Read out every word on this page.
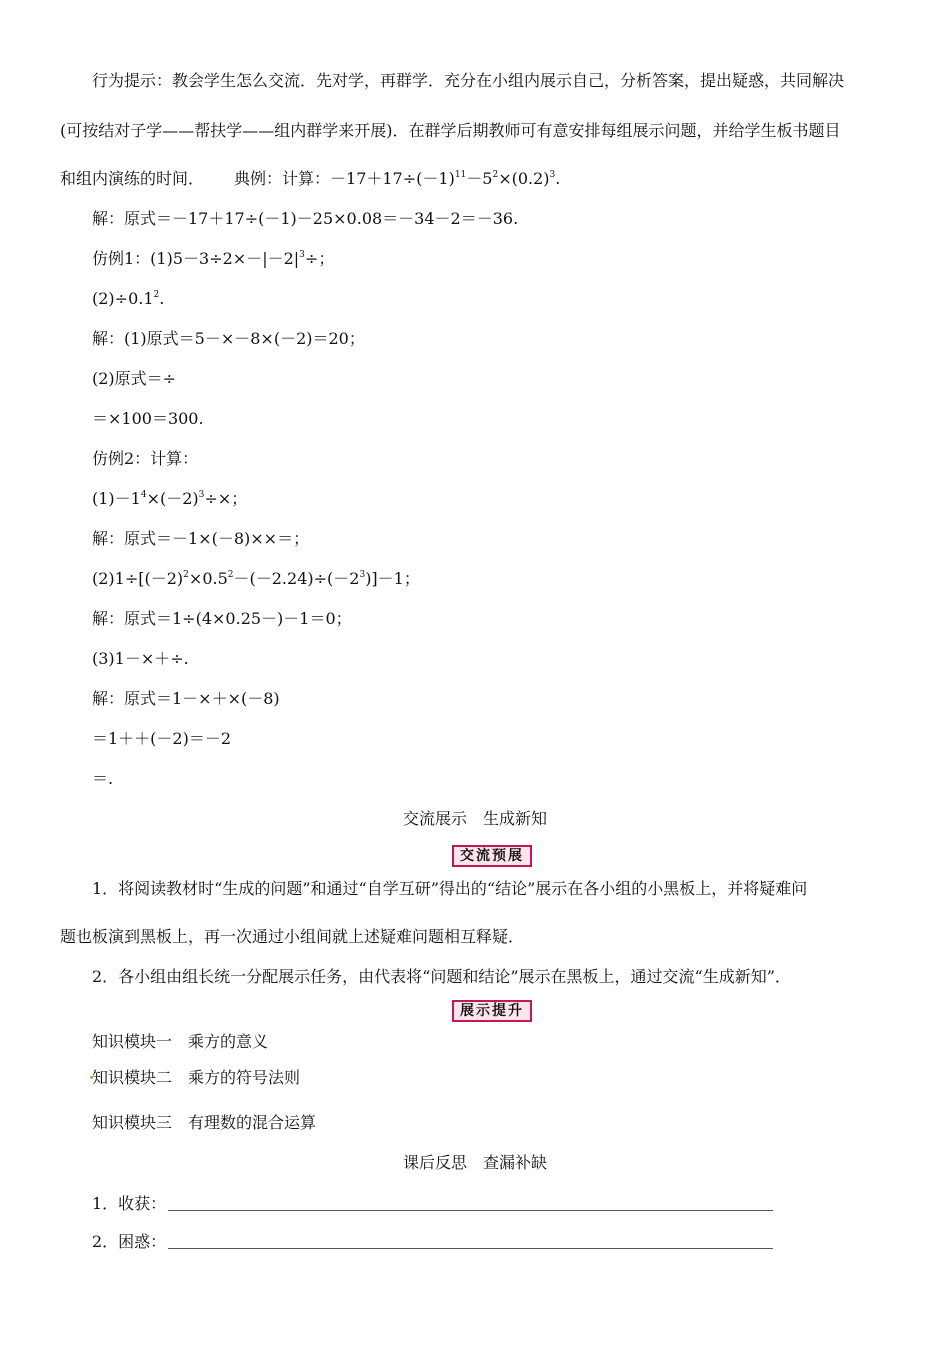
行为提示：教会学生怎么交流．先对学，再群学．充分在小组内展示自己，分析答案，提出疑惑，共同解决
(可按结对子学——帮扶学——组内群学来开展)．在群学后期教师可有意安排每组展示问题，并给学生板书题目
和组内演练的时间． 典例：计算：$-17+17\div(-1)^{11}-5^2\times(0.2)^3$.
解：原式＝－17＋17÷(－1)－25×0.08＝－34－2＝－36.
仿例1：$(1)5-3\div 2\times-|-2|^3\div$；
$(2)\div 0.1^2$.
解：(1)原式＝5－×－8×(－2)＝20；
(2)原式＝÷
＝×100＝300.
仿例2：计算：
$(1)-1^4\times(-2)^3\div\times$；
解：原式＝－1×(－8)××＝；
$(2)1\div[(-2)^2\times 0.5^2-(-2.24)\div(-2^3)]-1$；
解：原式＝1÷(4×0.25－)－1＝0；
(3)1－×＋÷.
解：原式＝1－×＋×(－8)
＝1＋＋(－2)＝－2
＝.
交流展示　生成新知
交流预展
1．将阅读教材时“生成的问题”和通过“自学互研”得出的“结论”展示在各小组的小黑板上，并将疑难问
题也板演到黑板上，再一次通过小组间就上述疑难问题相互释疑．
2．各小组由组长统一分配展示任务，由代表将“问题和结论”展示在黑板上，通过交流“生成新知”．
展示提升
知识模块一　乘方的意义
知识模块二　乘方的符号法则
知识模块三　有理数的混合运算
课后反思　查漏补缺
1．收获：
2．困惑：
